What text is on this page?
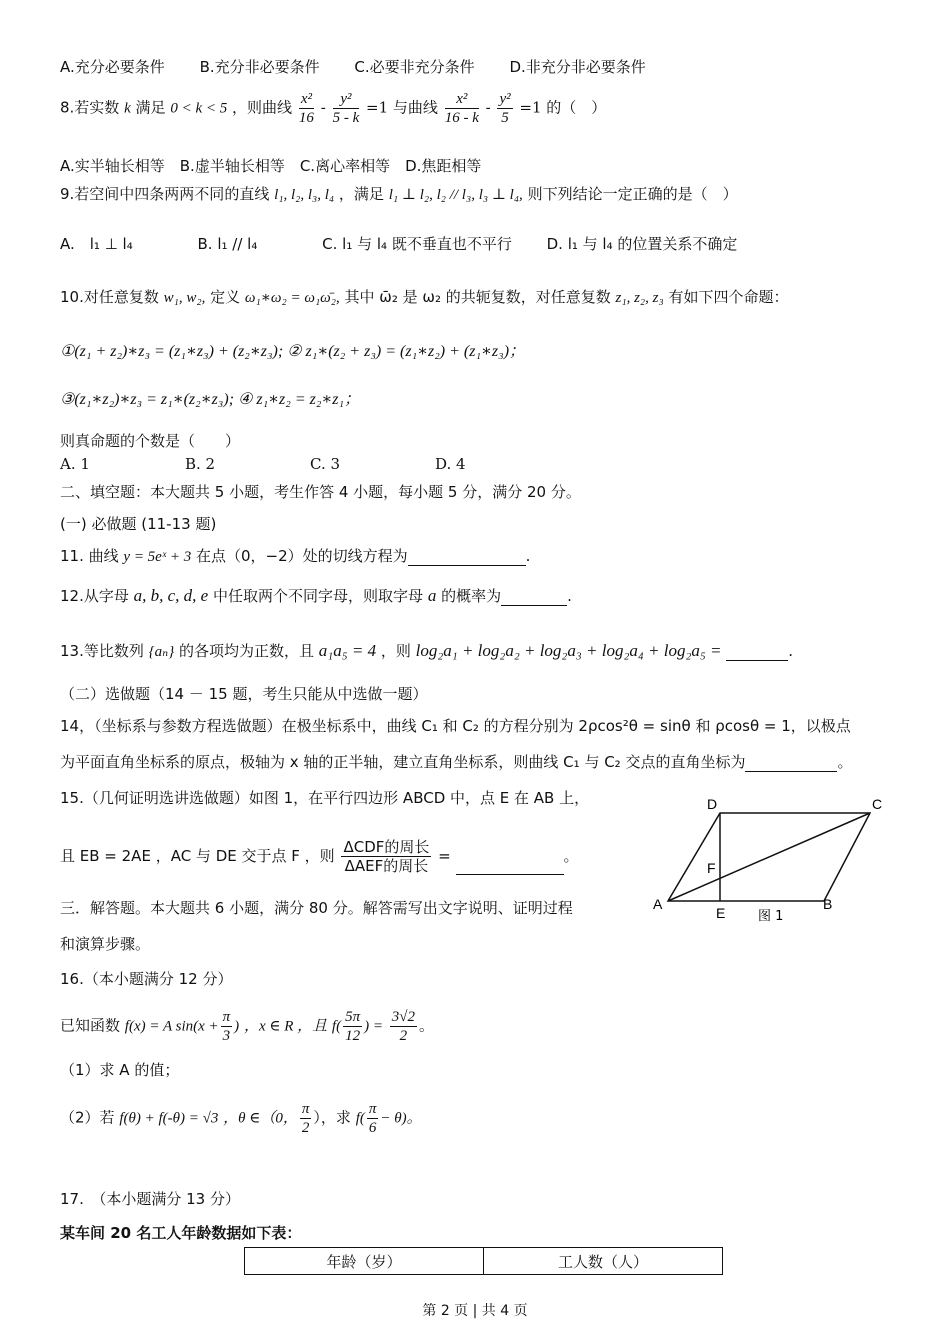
A.充分必要条件 B.充分非必要条件 C.必要非充分条件 D.非充分非必要条件
8.若实数 k 满足 0 < k < 5 ，则曲线 $\frac{\text{x²}}{16} - \frac{\text{y²}}{5 - k} =1$ 与曲线 $\frac{\text{x²}}{16 - k} - \frac{\text{y²}}{5} =1$ 的（　）
A.实半轴长相等　B.虚半轴长相等　C.离心率相等　D.焦距相等
9.若空间中四条两两不同的直线 l₁, l₂, l₃, l₄ ，满足 l₁ ⊥ l₂, l₂ // l₃, l₃ ⊥ l₄, 则下列结论一定正确的是（　）
A.　l₁ ⊥ l₄	B. l₁ // l₄	C. l₁ 与 l₄ 既不垂直也不平行 D. l₁ 与 l₄ 的位置关系不确定
10.对任意复数 w₁, w₂, 定义 ω₁∗ω₂ = ω₁ω̄₂, 其中 ω̄₂ 是 ω₂ 的共轭复数，对任意复数 z₁, z₂, z₃ 有如下四个命题：
①(z₁ + z₂)∗z₃ = (z₁∗z₃) + (z₂∗z₃); ② z₁∗(z₂ + z₃) = (z₁∗z₂) + (z₁∗z₃)；
③(z₁∗z₂)∗z₃ = z₁∗(z₂∗z₃); ④ z₁∗z₂ = z₂∗z₁；
则真命题的个数是（　　）
A. 1	B. 2	C. 3	D. 4
二、填空题：本大题共 5 小题，考生作答 4 小题，每小题 5 分，满分 20 分。
(一) 必做题 (11-13 题)
11. 曲线 y = 5eˣ + 3 在点（0，−2）处的切线方程为	.
12.从字母 a, b, c, d, e 中任取两个不同字母，则取字母 a 的概率为	.
13.等比数列 {aₙ} 的各项均为正数，且 a₁a₅ = 4 ，则 log₂a₁ + log₂a₂ + log₂a₃ + log₂a₄ + log₂a₅ =	.
（二）选做题（14 － 15 题，考生只能从中选做一题）
14，（坐标系与参数方程选做题）在极坐标系中，曲线 C₁ 和 C₂ 的方程分别为 2ρcos²θ = sinθ 和 ρcosθ = 1，以极点
为平面直角坐标系的原点，极轴为 x 轴的正半轴，建立直角坐标系，则曲线 C₁ 与 C₂ 交点的直角坐标为	。
15.（几何证明选讲选做题）如图 1，在平行四边形 ABCD 中，点 E 在 AB 上，
且 EB = 2AE ，AC 与 DE 交于点 F ，则 $\frac{\text{ΔCDF的周长}}{\text{ΔAEF的周长}}$ =	。
A	B
C
D
E
F
图 1
三．解答题。本大题共 6 小题，满分 80 分。解答需写出文字说明、证明过程
和演算步骤。
16.（本小题满分 12 分）
已知函数 f(x) = A $\sin(x + \frac{\pi}{3}$ ) ，x ∈ R ，且 $f( \frac{5\pi}{12}$ ) = $\frac{3√2}{2}$ 。
（1）求 A 的值；
（2）若 f(θ) + f(-θ) = √3 ，θ ∈（0， $\frac{\pi}{2}$ ），求 $f( \frac{\pi}{6} - \theta)$。
17.　（本小题满分 13 分）
某车间 20 名工人年龄数据如下表：
年龄（岁）	工人数（人）
第 2 页 | 共 4 页
